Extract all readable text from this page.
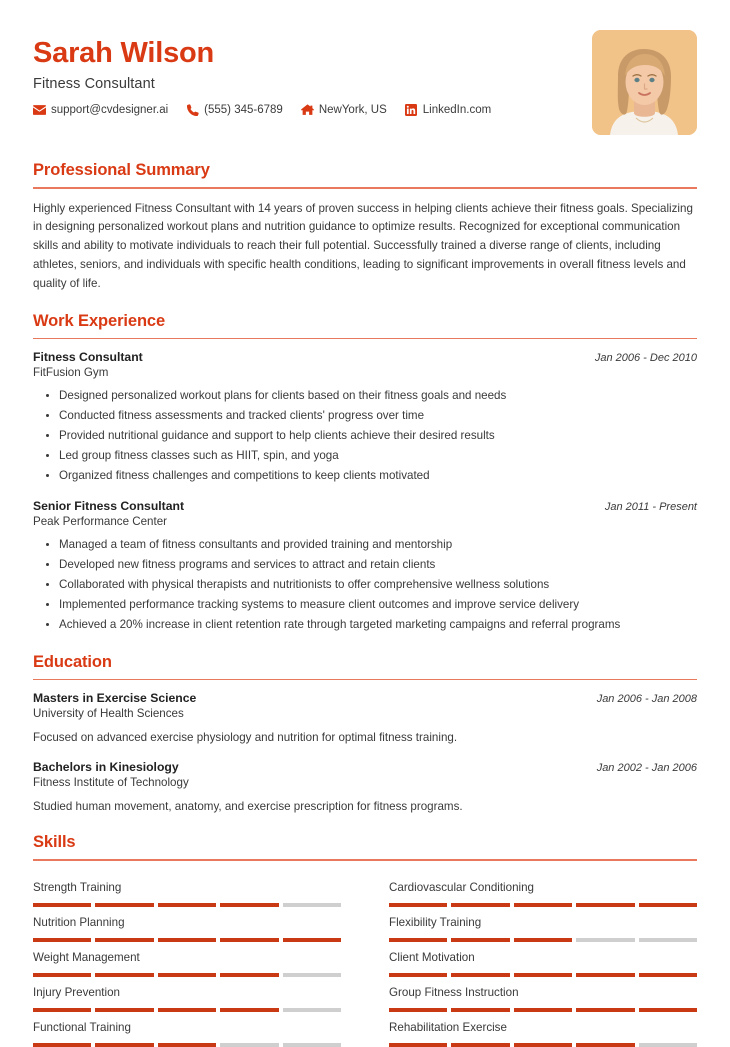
Sarah Wilson
Fitness Consultant
support@cvdesigner.ai	(555) 345-6789	NewYork, US	LinkedIn.com
Professional Summary

Highly experienced Fitness Consultant with 14 years of proven success in helping clients achieve their fitness goals. Specializing in designing personalized workout plans and nutrition guidance to optimize results. Recognized for exceptional communication skills and ability to motivate individuals to reach their full potential. Successfully trained a diverse range of clients, including athletes, seniors, and individuals with specific health conditions, leading to significant improvements in overall fitness levels and quality of life.

Work Experience
Fitness Consultant	Jan 2006 - Dec 2010
FitFusion Gym
Designed personalized workout plans for clients based on their fitness goals and needs
Conducted fitness assessments and tracked clients' progress over time
Provided nutritional guidance and support to help clients achieve their desired results
Led group fitness classes such as HIIT, spin, and yoga
Organized fitness challenges and competitions to keep clients motivated
Senior Fitness Consultant	Jan 2011 - Present
Peak Performance Center
Managed a team of fitness consultants and provided training and mentorship
Developed new fitness programs and services to attract and retain clients
Collaborated with physical therapists and nutritionists to offer comprehensive wellness solutions
Implemented performance tracking systems to measure client outcomes and improve service delivery
Achieved a 20% increase in client retention rate through targeted marketing campaigns and referral programs
Education
Masters in Exercise Science	Jan 2006 - Jan 2008
University of Health Sciences
Focused on advanced exercise physiology and nutrition for optimal fitness training.
Bachelors in Kinesiology	Jan 2002 - Jan 2006
Fitness Institute of Technology
Studied human movement, anatomy, and exercise prescription for fitness programs.
Skills
Strength Training	Cardiovascular Conditioning
Nutrition Planning	Flexibility Training
Weight Management	Client Motivation
Injury Prevention	Group Fitness Instruction
Functional Training	Rehabilitation Exercise
